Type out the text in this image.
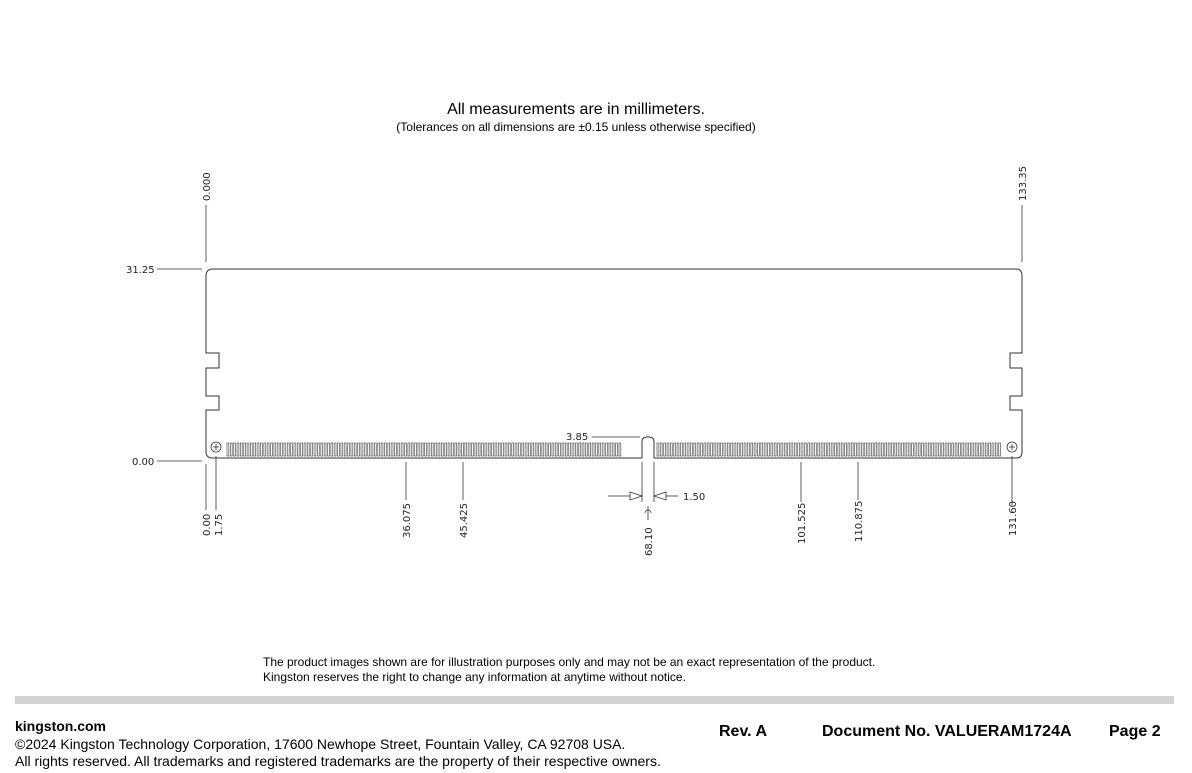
All measurements are in millimeters.
(Tolerances on all dimensions are ±0.15 unless otherwise specified)
0.000	133.35
31.25
0.00
3.85
1.50
0.00 1.75	36.075	45.425
68.10	101.525	110.875	131.60
The product images shown are for illustration purposes only and may not be an exact representation of the product.
Kingston reserves the right to change any information at anytime without notice.
kingston.com
©2024 Kingston Technology Corporation, 17600 Newhope Street, Fountain Valley, CA 92708 USA.
All rights reserved. All trademarks and registered trademarks are the property of their respective owners.
Rev. A	Document No. VALUERAM1724A Page 2
